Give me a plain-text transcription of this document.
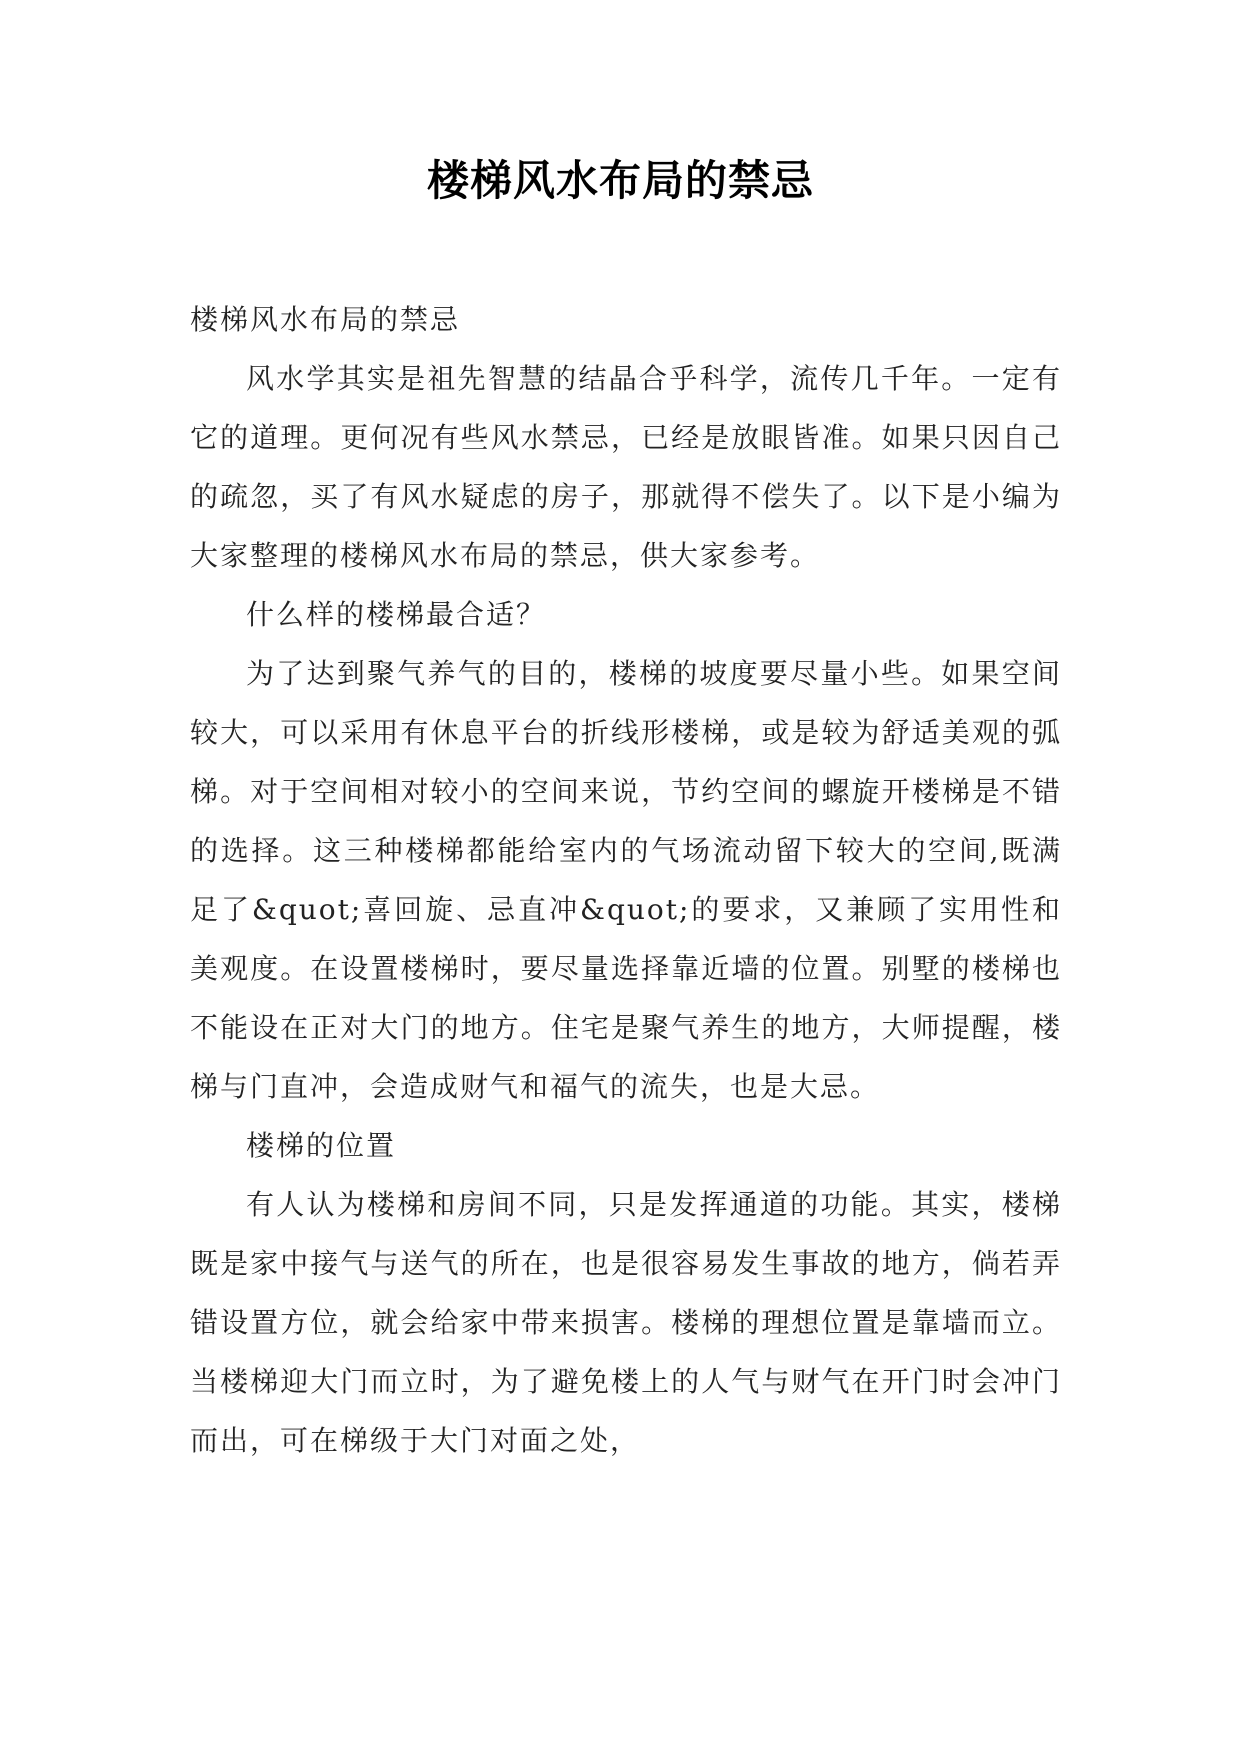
楼梯风水布局的禁忌

楼梯风水布局的禁忌

风水学其实是祖先智慧的结晶合乎科学，流传几千年。一定有它的道理。更何况有些风水禁忌，已经是放眼皆准。如果只因自己的疏忽，买了有风水疑虑的房子，那就得不偿失了。以下是小编为大家整理的楼梯风水布局的禁忌，供大家参考。

什么样的楼梯最合适？

为了达到聚气养气的目的，楼梯的坡度要尽量小些。如果空间较大，可以采用有休息平台的折线形楼梯，或是较为舒适美观的弧梯。对于空间相对较小的空间来说，节约空间的螺旋开楼梯是不错的选择。这三种楼梯都能给室内的气场流动留下较大的空间,既满足了&quot;喜回旋、忌直冲&quot;的要求，又兼顾了实用性和美观度。在设置楼梯时，要尽量选择靠近墙的位置。别墅的楼梯也不能设在正对大门的地方。住宅是聚气养生的地方，大师提醒，楼梯与门直冲，会造成财气和福气的流失，也是大忌。

楼梯的位置

有人认为楼梯和房间不同，只是发挥通道的功能。其实，楼梯既是家中接气与送气的所在，也是很容易发生事故的地方，倘若弄错设置方位，就会给家中带来损害。楼梯的理想位置是靠墙而立。当楼梯迎大门而立时，为了避免楼上的人气与财气在开门时会冲门而出，可在梯级于大门对面之处，
